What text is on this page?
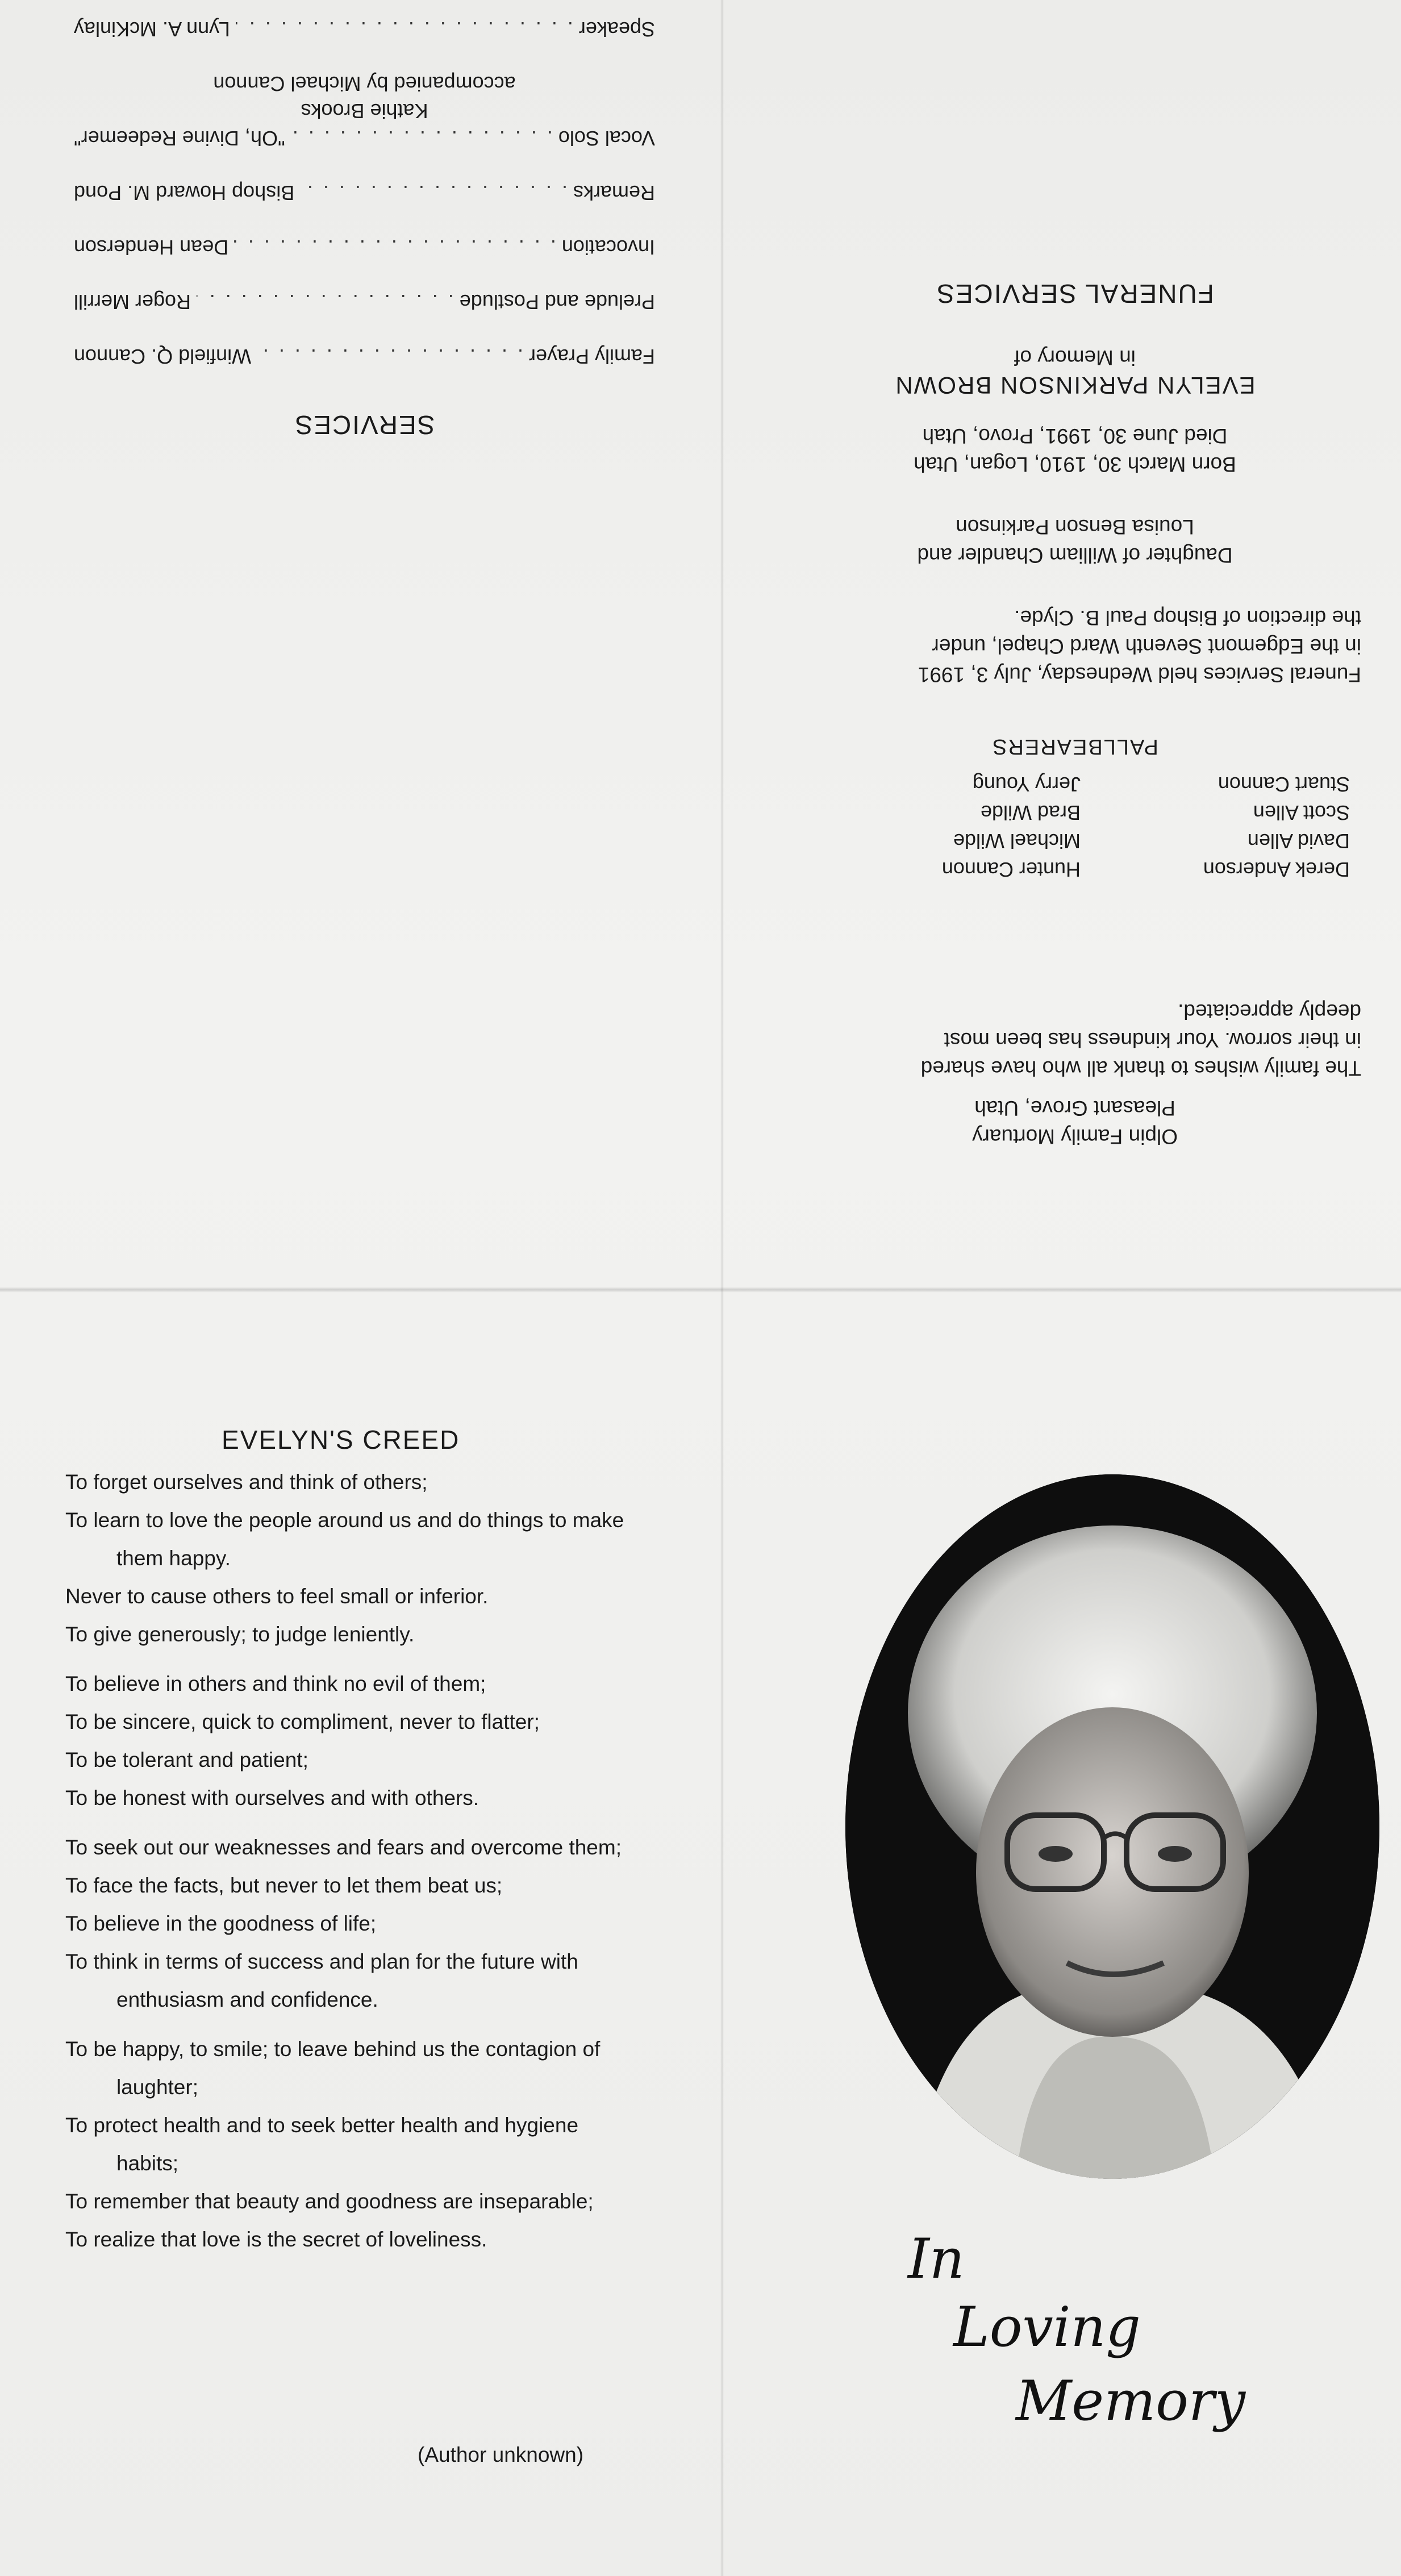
SERVICES
Family Prayer
. . .
Winfield Q. Cannon
Prelude and Postlude
. . .
Roger Merrill
Invocation
. . .
Dean Henderson
Remarks
. . .
Bishop Howard M. Pond
Vocal Solo
. . .
"Oh, Divine Redeemer"
Kathie Brooks
accompanied by Michael Cannon
Speaker
. . .
Lynn A. McKinlay
Olpin Family Mortuary
Pleasant Grove, Utah
The family wishes to thank all who have shared
in their sorrow. Your kindness has been most
deeply appreciated.
Derek Anderson
Hunter Cannon
David Allen
Michael Wilde
Scott Allen
Brad Wilde
Stuart Cannon
Jerry Young
PALLBEARERS
Funeral Services held Wednesday, July 3, 1991
in the Edgemont Seventh Ward Chapel, under
the direction of Bishop Paul B. Clyde.
Daughter of William Chandler and
Louisa Benson Parkinson
Born March 30, 1910, Logan, Utah
Died June 30, 1991, Provo, Utah
EVELYN PARKINSON BROWN
in Memory of
FUNERAL SERVICES
EVELYN'S CREED
To forget ourselves and think of others;
To learn to love the people around us and do things to make them happy.
Never to cause others to feel small or inferior.
To give generously; to judge leniently.
To believe in others and think no evil of them;
To be sincere, quick to compliment, never to flatter;
To be tolerant and patient;
To be honest with ourselves and with others.
To seek out our weaknesses and fears and overcome them;
To face the facts, but never to let them beat us;
To believe in the goodness of life;
To think in terms of success and plan for the future with enthusiasm and confidence.
To be happy, to smile; to leave behind us the contagion of laughter;
To protect health and to seek better health and hygiene habits;
To remember that beauty and goodness are inseparable;
To realize that love is the secret of loveliness.
(Author unknown)
In
Loving
Memory
